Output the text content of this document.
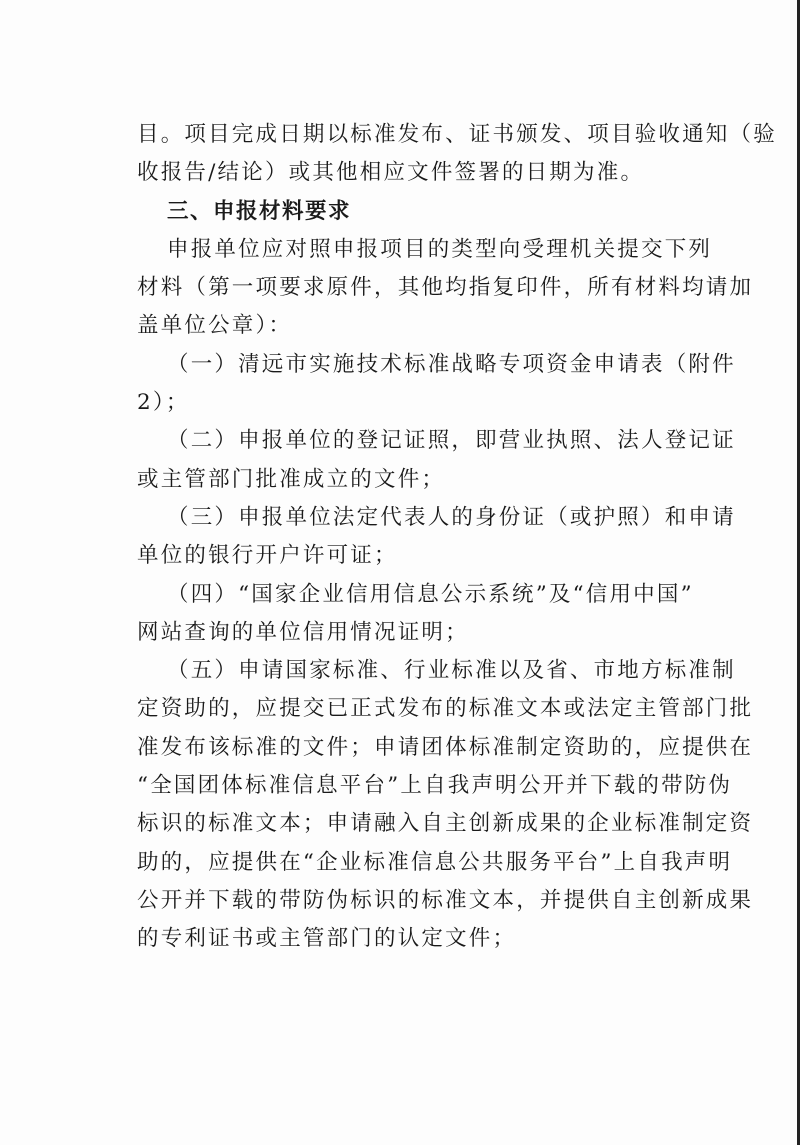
目。项目完成日期以标准发布、证书颁发、项目验收通知（验
收报告/结论）或其他相应文件签署的日期为准。
三、申报材料要求
申报单位应对照申报项目的类型向受理机关提交下列
材料（第一项要求原件，其他均指复印件，所有材料均请加
盖单位公章）：
（一）清远市实施技术标准战略专项资金申请表（附件
2）；
（二）申报单位的登记证照，即营业执照、法人登记证
或主管部门批准成立的文件；
（三）申报单位法定代表人的身份证（或护照）和申请
单位的银行开户许可证；
（四）“国家企业信用信息公示系统”及“信用中国”
网站查询的单位信用情况证明；
（五）申请国家标准、行业标准以及省、市地方标准制
定资助的，应提交已正式发布的标准文本或法定主管部门批
准发布该标准的文件；申请团体标准制定资助的，应提供在
“全国团体标准信息平台”上自我声明公开并下载的带防伪
标识的标准文本；申请融入自主创新成果的企业标准制定资
助的，应提供在“企业标准信息公共服务平台”上自我声明
公开并下载的带防伪标识的标准文本，并提供自主创新成果
的专利证书或主管部门的认定文件；
